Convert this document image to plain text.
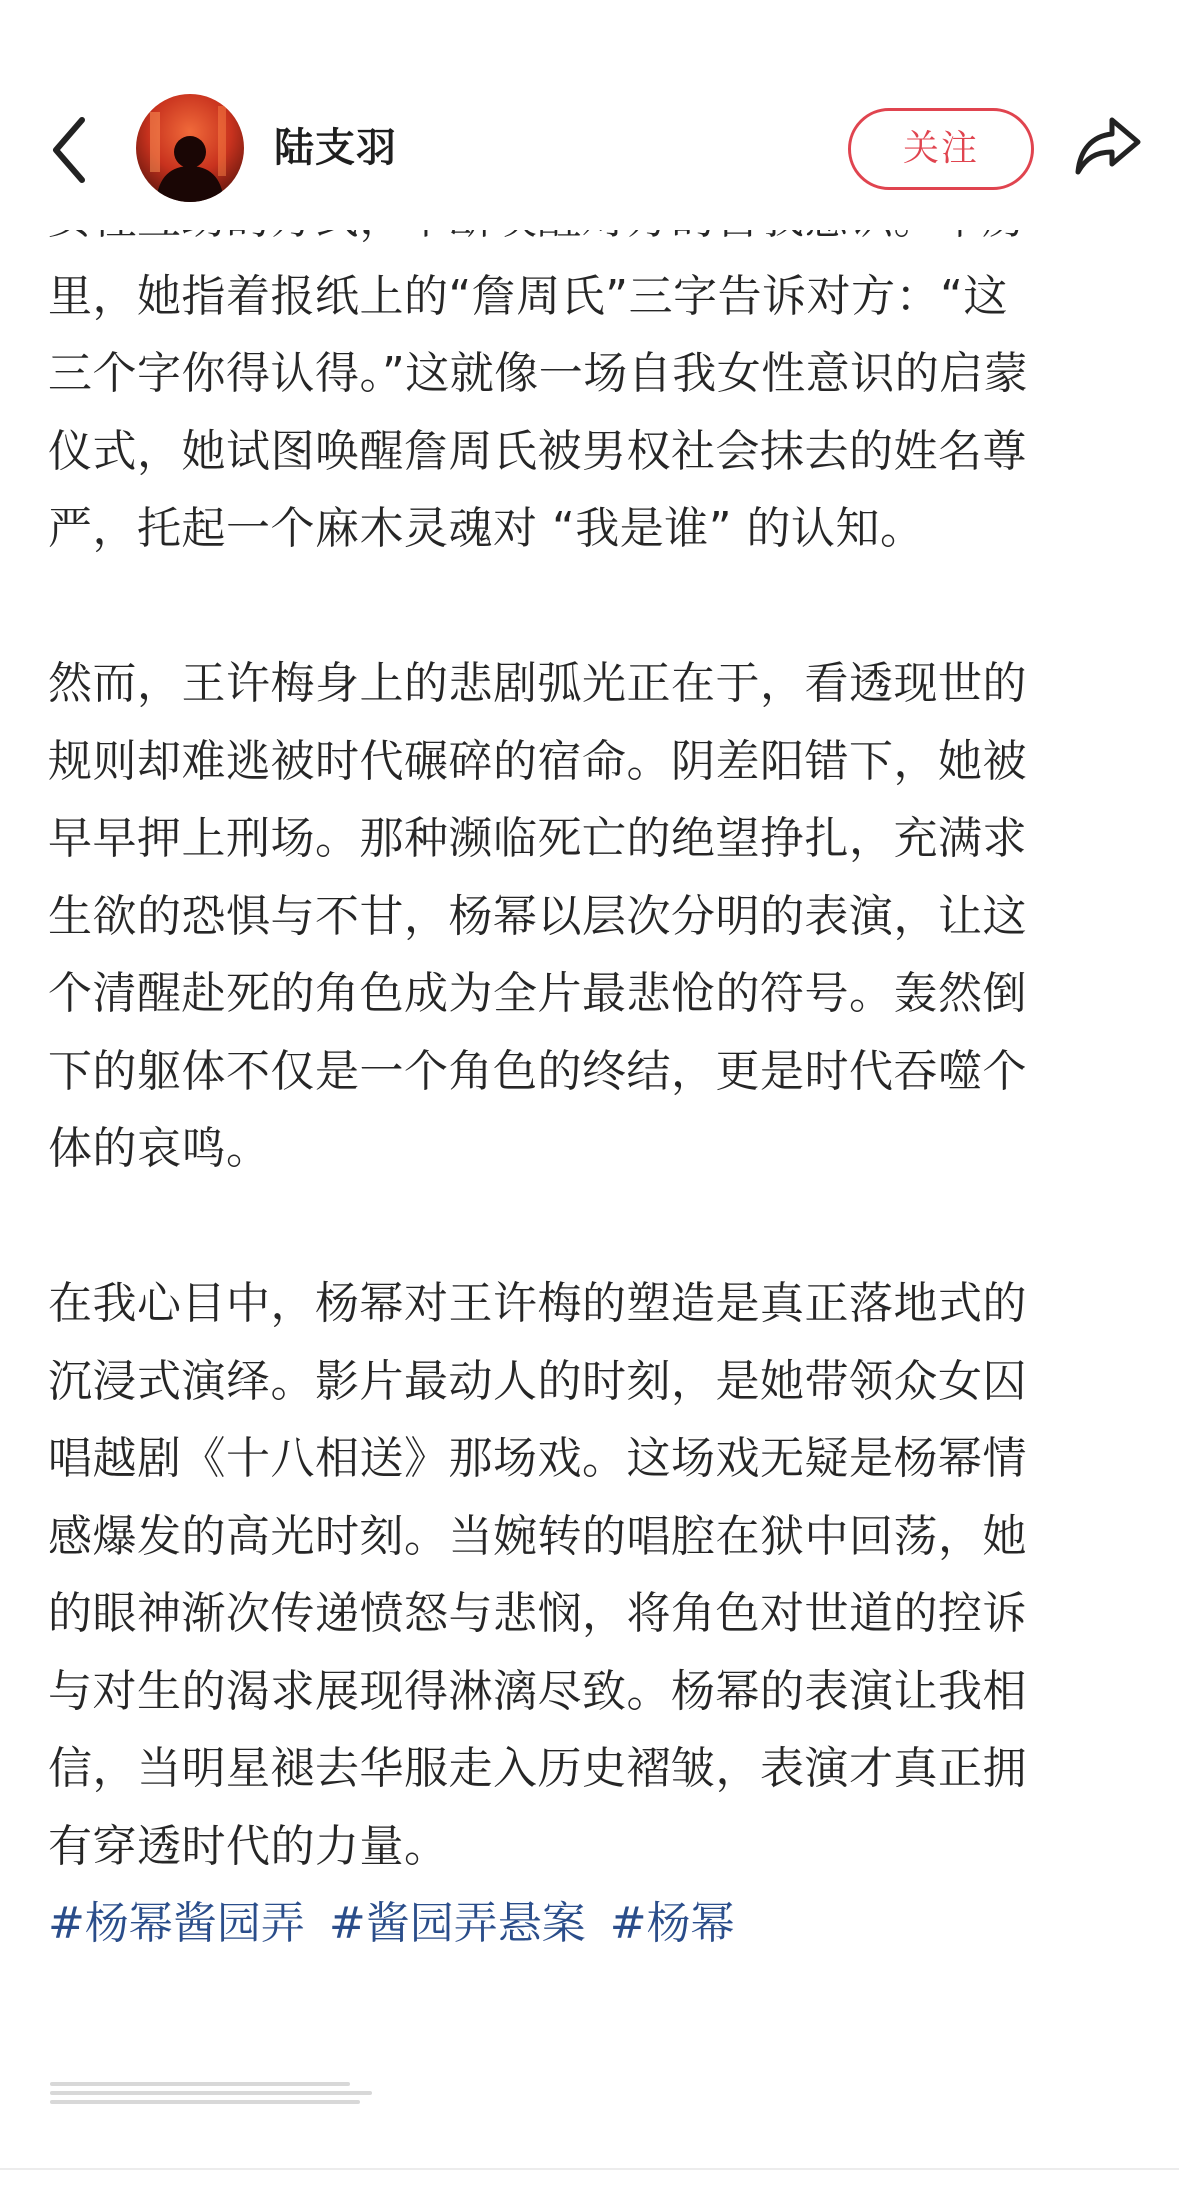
陆支羽	关注

里，她指着报纸上的“詹周氏”三字告诉对方：“这

三个字你得认得。”这就像一场自我女性意识的启蒙

仪式，她试图唤醒詹周氏被男权社会抹去的姓名尊

严，托起一个麻木灵魂对 “我是谁” 的认知。

然而，王许梅身上的悲剧弧光正在于，看透现世的

规则却难逃被时代碾碎的宿命。阴差阳错下，她被

早早押上刑场。那种濒临死亡的绝望挣扎，充满求

生欲的恐惧与不甘，杨幂以层次分明的表演，让这

个清醒赴死的角色成为全片最悲怆的符号。轰然倒

下的躯体不仅是一个角色的终结，更是时代吞噬个

体的哀鸣。

在我心目中，杨幂对王许梅的塑造是真正落地式的

沉浸式演绎。影片最动人的时刻，是她带领众女囚

唱越剧《十八相送》那场戏。这场戏无疑是杨幂情

感爆发的高光时刻。当婉转的唱腔在狱中回荡，她

的眼神渐次传递愤怒与悲悯，将角色对世道的控诉

与对生的渴求展现得淋漓尽致。杨幂的表演让我相

信，当明星褪去华服走入历史褶皱，表演才真正拥

有穿透时代的力量。

#杨幂酱园弄 #酱园弄悬案 #杨幂
